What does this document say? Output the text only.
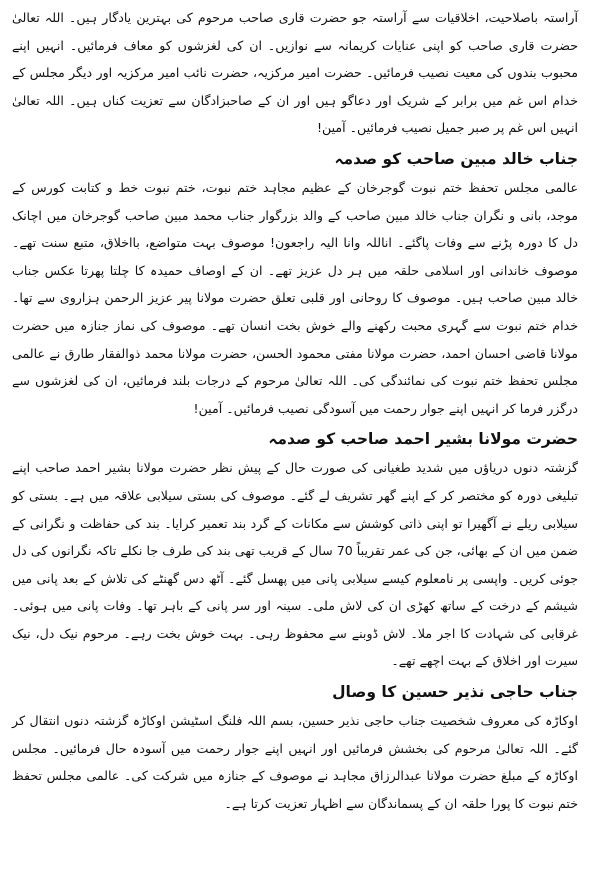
آراستہ باصلاحیت، اخلاقیات سے آراستہ جو حضرت قاری صاحب مرحوم کی بہترین یادگار ہیں۔ اللہ تعالیٰ حضرت قاری صاحب کو اپنی عنایات کریمانہ سے نوازیں۔ ان کی لغزشوں کو معاف فرمائیں۔ انہیں اپنے محبوب بندوں کی معیت نصیب فرمائیں۔ حضرت امیر مرکزیہ، حضرت نائب امیر مرکزیہ اور دیگر مجلس کے خدام اس غم میں برابر کے شریک اور دعاگو ہیں اور ان کے صاحبزادگان سے تعزیت کناں ہیں۔ اللہ تعالیٰ انہیں اس غم پر صبر جمیل نصیب فرمائیں۔ آمین!

جناب خالد مبین صاحب کو صدمہ

عالمی مجلس تحفظ ختم نبوت گوجرخان کے عظیم مجاہد ختم نبوت، ختم نبوت خط و کتابت کورس کے موجد، بانی و نگران جناب خالد مبین صاحب کے والد بزرگوار جناب محمد مبین صاحب گوجرخان میں اچانک دل کا دورہ پڑنے سے وفات پاگئے۔ اناللہ وانا الیہ راجعون! موصوف بہت متواضع، بااخلاق، متبع سنت تھے۔ موصوف خاندانی اور اسلامی حلقہ میں ہر دل عزیز تھے۔ ان کے اوصاف حمیدہ کا چلتا پھرتا عکس جناب خالد مبین صاحب ہیں۔ موصوف کا روحانی اور قلبی تعلق حضرت مولانا پیر عزیز الرحمن ہزاروی سے تھا۔ خدام ختم نبوت سے گہری محبت رکھنے والے خوش بخت انسان تھے۔ موصوف کی نماز جنازہ میں حضرت مولانا قاضی احسان احمد، حضرت مولانا مفتی محمود الحسن، حضرت مولانا محمد ذوالفقار طارق نے عالمی مجلس تحفظ ختم نبوت کی نمائندگی کی۔ اللہ تعالیٰ مرحوم کے درجات بلند فرمائیں، ان کی لغزشوں سے درگزر فرما کر انہیں اپنے جوار رحمت میں آسودگی نصیب فرمائیں۔ آمین!

حضرت مولانا بشیر احمد صاحب کو صدمہ

گزشتہ دنوں دریاؤں میں شدید طغیانی کی صورت حال کے پیش نظر حضرت مولانا بشیر احمد صاحب اپنے تبلیغی دورہ کو مختصر کر کے اپنے گھر تشریف لے گئے۔ موصوف کی بستی سیلابی علاقہ میں ہے۔ بستی کو سیلابی ریلے نے آگھیرا تو اپنی ذاتی کوشش سے مکانات کے گرد بند تعمیر کرایا۔ بند کی حفاظت و نگرانی کے ضمن میں ان کے بھائی، جن کی عمر تقریباً 70 سال کے قریب تھی بند کی طرف جا نکلے تاکہ نگرانوں کی دل جوئی کریں۔ واپسی پر نامعلوم کیسے سیلابی پانی میں پھسل گئے۔ آٹھ دس گھنٹے کی تلاش کے بعد پانی میں شیشم کے درخت کے ساتھ کھڑی ان کی لاش ملی۔ سینہ اور سر پانی کے باہر تھا۔ وفات پانی میں ہوئی۔ غرقابی کی شہادت کا اجر ملا۔ لاش ڈوبنے سے محفوظ رہی۔ بہت خوش بخت رہے۔ مرحوم نیک دل، نیک سیرت اور اخلاق کے بہت اچھے تھے۔

جناب حاجی نذیر حسین کا وصال

اوکاڑہ کی معروف شخصیت جناب حاجی نذیر حسین، بسم اللہ فلنگ اسٹیشن اوکاڑہ گزشتہ دنوں انتقال کر گئے۔ اللہ تعالیٰ مرحوم کی بخشش فرمائیں اور انہیں اپنے جوار رحمت میں آسودہ حال فرمائیں۔ مجلس اوکاڑہ کے مبلغ حضرت مولانا عبدالرزاق مجاہد نے موصوف کے جنازہ میں شرکت کی۔ عالمی مجلس تحفظ ختم نبوت کا پورا حلقہ ان کے پسماندگان سے اظہار تعزیت کرتا ہے۔
